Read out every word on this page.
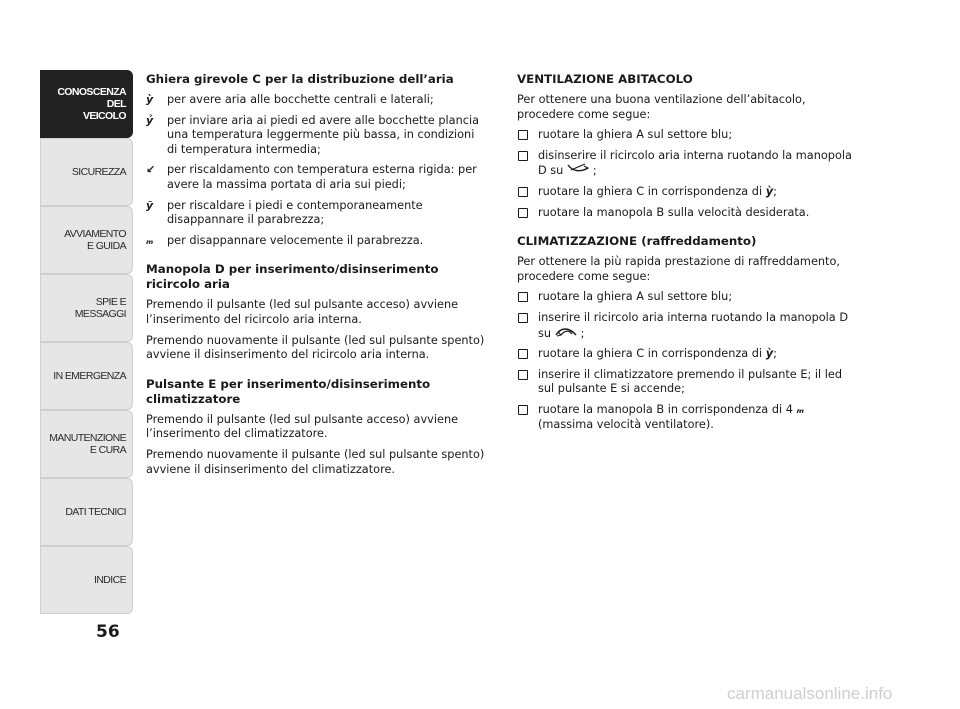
CONOSCENZA
DEL
VEICOLO
SICUREZZA
AVVIAMENTO
E GUIDA
SPIE E
MESSAGGI
IN EMERGENZA
MANUTENZIONE
E CURA
DATI TECNICI
INDICE
56
Ghiera girevole C per la distribuzione dell’aria
ỳ	per avere aria alle bocchette centrali e laterali;
ỷ	per inviare aria ai piedi ed avere alle bocchette plancia una temperatura leggermente più bassa, in condizioni di temperatura intermedia;
↙	per riscaldamento con temperatura esterna rigida: per avere la massima portata di aria sui piedi;
ỹ	per riscaldare i piedi e contemporaneamente disappannare il parabrezza;
ₘ	per disappannare velocemente il parabrezza.
Manopola D per inserimento/disinserimento ricircolo aria
Premendo il pulsante (led sul pulsante acceso) avviene l’inserimento del ricircolo aria interna.
Premendo nuovamente il pulsante (led sul pulsante spento) avviene il disinserimento del ricircolo aria interna.
Pulsante E per inserimento/disinserimento climatizzatore
Premendo il pulsante (led sul pulsante acceso) avviene l’inserimento del climatizzatore.
Premendo nuovamente il pulsante (led sul pulsante spento) avviene il disinserimento del climatizzatore.
VENTILAZIONE ABITACOLO
Per ottenere una buona ventilazione dell’abitacolo, procedere come segue:
ruotare la ghiera A sul settore blu;
disinserire il ricircolo aria interna ruotando la manopola D su	;
ruotare la ghiera C in corrispondenza di ỳ;
ruotare la manopola B sulla velocità desiderata.
CLIMATIZZAZIONE (raffreddamento)
Per ottenere la più rapida prestazione di raffreddamento, procedere come segue:
ruotare la ghiera A sul settore blu;
inserire il ricircolo aria interna ruotando la manopola D su	;
ruotare la ghiera C in corrispondenza di ỳ;
inserire il climatizzatore premendo il pulsante E; il led sul pulsante E si accende;
ruotare la manopola B in corrispondenza di 4 ₘ (massima velocità ventilatore).
carmanualsonline.info
